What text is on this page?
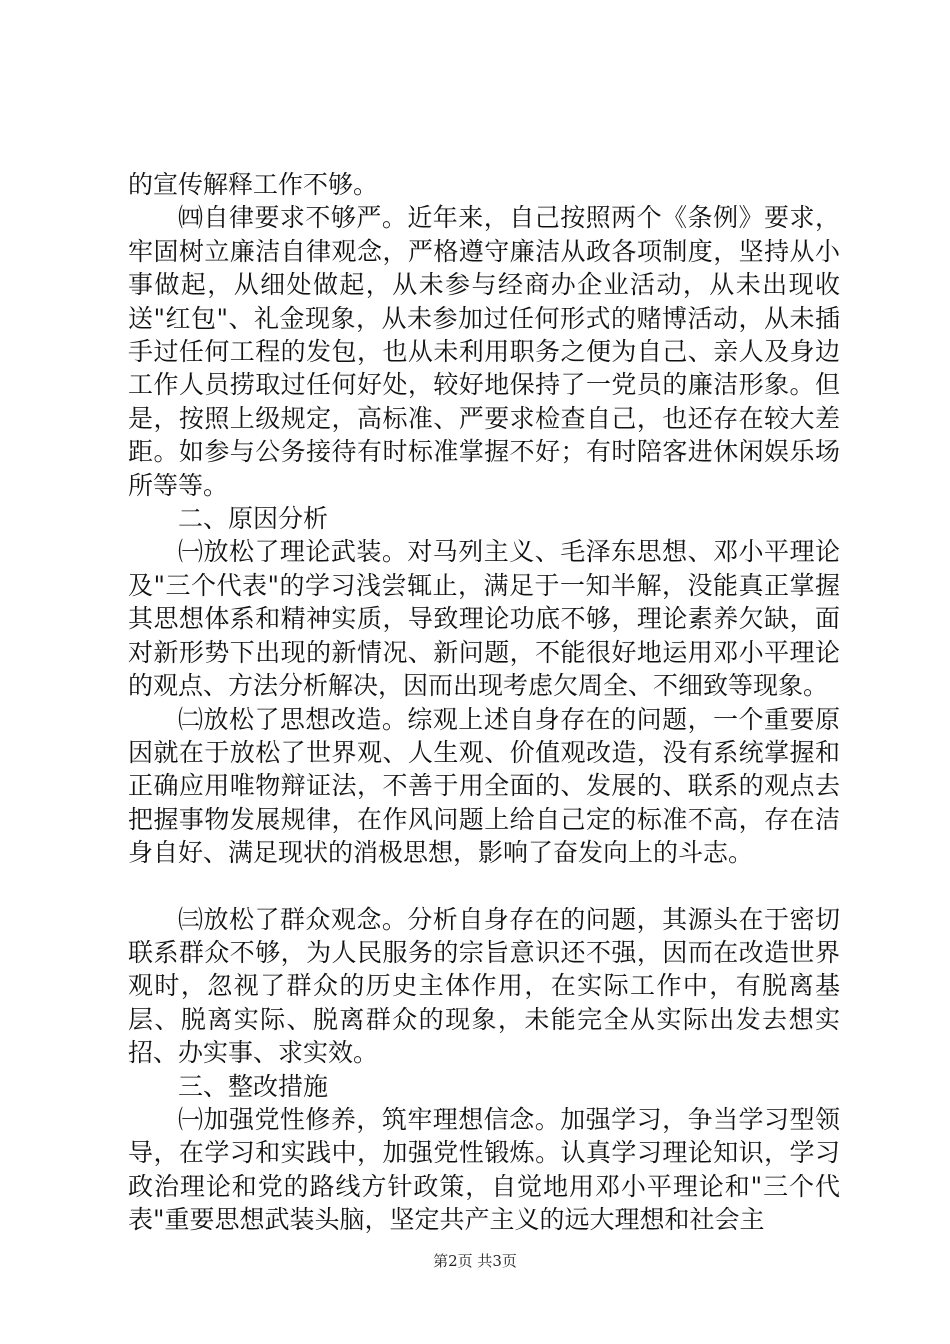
的宣传解释工作不够。

㈣自律要求不够严。近年来，自己按照两个《条例》要求，牢固树立廉洁自律观念，严格遵守廉洁从政各项制度，坚持从小事做起，从细处做起，从未参与经商办企业活动，从未出现收送"红包"、礼金现象，从未参加过任何形式的赌博活动，从未插手过任何工程的发包，也从未利用职务之便为自己、亲人及身边工作人员捞取过任何好处，较好地保持了一党员的廉洁形象。但是，按照上级规定，高标准、严要求检查自己，也还存在较大差距。如参与公务接待有时标准掌握不好；有时陪客进休闲娱乐场所等等。

二、原因分析

㈠放松了理论武装。对马列主义、毛泽东思想、邓小平理论及"三个代表"的学习浅尝辄止，满足于一知半解，没能真正掌握其思想体系和精神实质，导致理论功底不够，理论素养欠缺，面对新形势下出现的新情况、新问题，不能很好地运用邓小平理论的观点、方法分析解决，因而出现考虑欠周全、不细致等现象。

㈡放松了思想改造。综观上述自身存在的问题，一个重要原因就在于放松了世界观、人生观、价值观改造，没有系统掌握和正确应用唯物辩证法，不善于用全面的、发展的、联系的观点去把握事物发展规律，在作风问题上给自己定的标准不高，存在洁身自好、满足现状的消极思想，影响了奋发向上的斗志。

㈢放松了群众观念。分析自身存在的问题，其源头在于密切联系群众不够，为人民服务的宗旨意识还不强，因而在改造世界观时，忽视了群众的历史主体作用，在实际工作中，有脱离基层、脱离实际、脱离群众的现象，未能完全从实际出发去想实招、办实事、求实效。

三、整改措施

㈠加强党性修养，筑牢理想信念。加强学习，争当学习型领导，在学习和实践中，加强党性锻炼。认真学习理论知识，学习政治理论和党的路线方针政策，自觉地用邓小平理论和"三个代表"重要思想武装头脑，坚定共产主义的远大理想和社会主

第2页 共3页
